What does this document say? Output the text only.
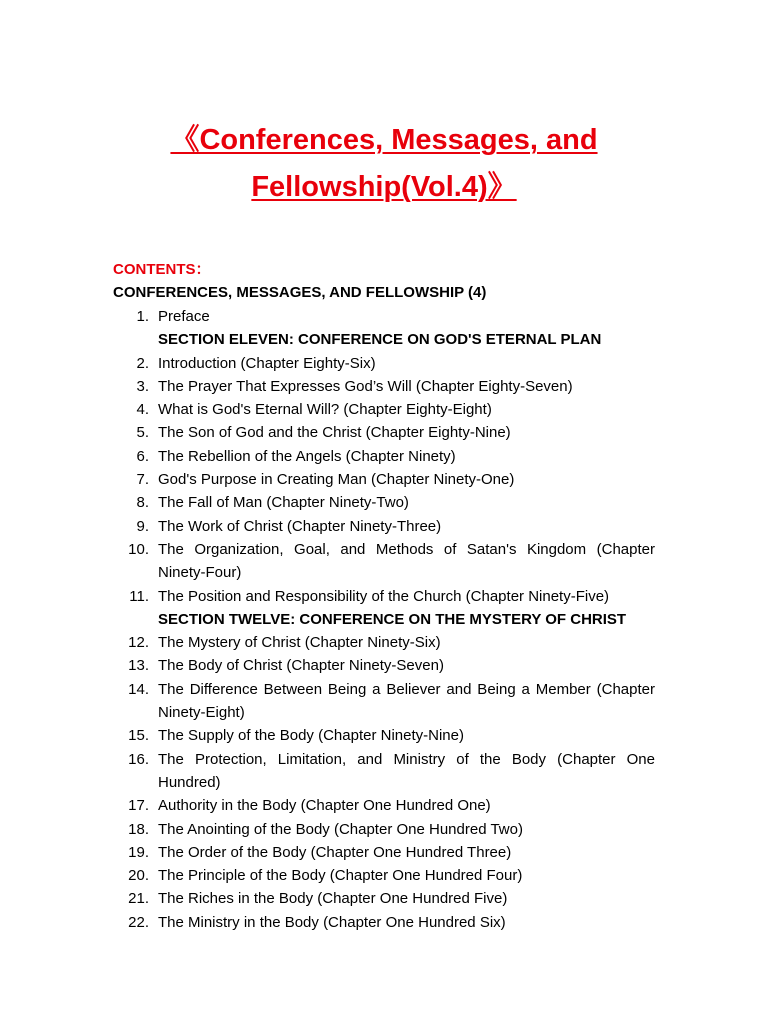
《Conferences, Messages, and Fellowship(Vol.4)》
CONTENTS：
CONFERENCES, MESSAGES, AND FELLOWSHIP (4)
1. Preface
SECTION ELEVEN: CONFERENCE ON GOD'S ETERNAL PLAN
2. Introduction (Chapter Eighty-Six)
3. The Prayer That Expresses God’s Will (Chapter Eighty-Seven)
4. What is God's Eternal Will? (Chapter Eighty-Eight)
5. The Son of God and the Christ (Chapter Eighty-Nine)
6. The Rebellion of the Angels (Chapter Ninety)
7. God's Purpose in Creating Man (Chapter Ninety-One)
8. The Fall of Man (Chapter Ninety-Two)
9. The Work of Christ (Chapter Ninety-Three)
10. The Organization, Goal, and Methods of Satan's Kingdom (Chapter Ninety-Four)
11. The Position and Responsibility of the Church (Chapter Ninety-Five)
SECTION TWELVE: CONFERENCE ON THE MYSTERY OF CHRIST
12. The Mystery of Christ (Chapter Ninety-Six)
13. The Body of Christ (Chapter Ninety-Seven)
14. The Difference Between Being a Believer and Being a Member (Chapter Ninety-Eight)
15. The Supply of the Body (Chapter Ninety-Nine)
16. The Protection, Limitation, and Ministry of the Body (Chapter One Hundred)
17. Authority in the Body (Chapter One Hundred One)
18. The Anointing of the Body (Chapter One Hundred Two)
19. The Order of the Body (Chapter One Hundred Three)
20. The Principle of the Body (Chapter One Hundred Four)
21. The Riches in the Body (Chapter One Hundred Five)
22. The Ministry in the Body (Chapter One Hundred Six)
